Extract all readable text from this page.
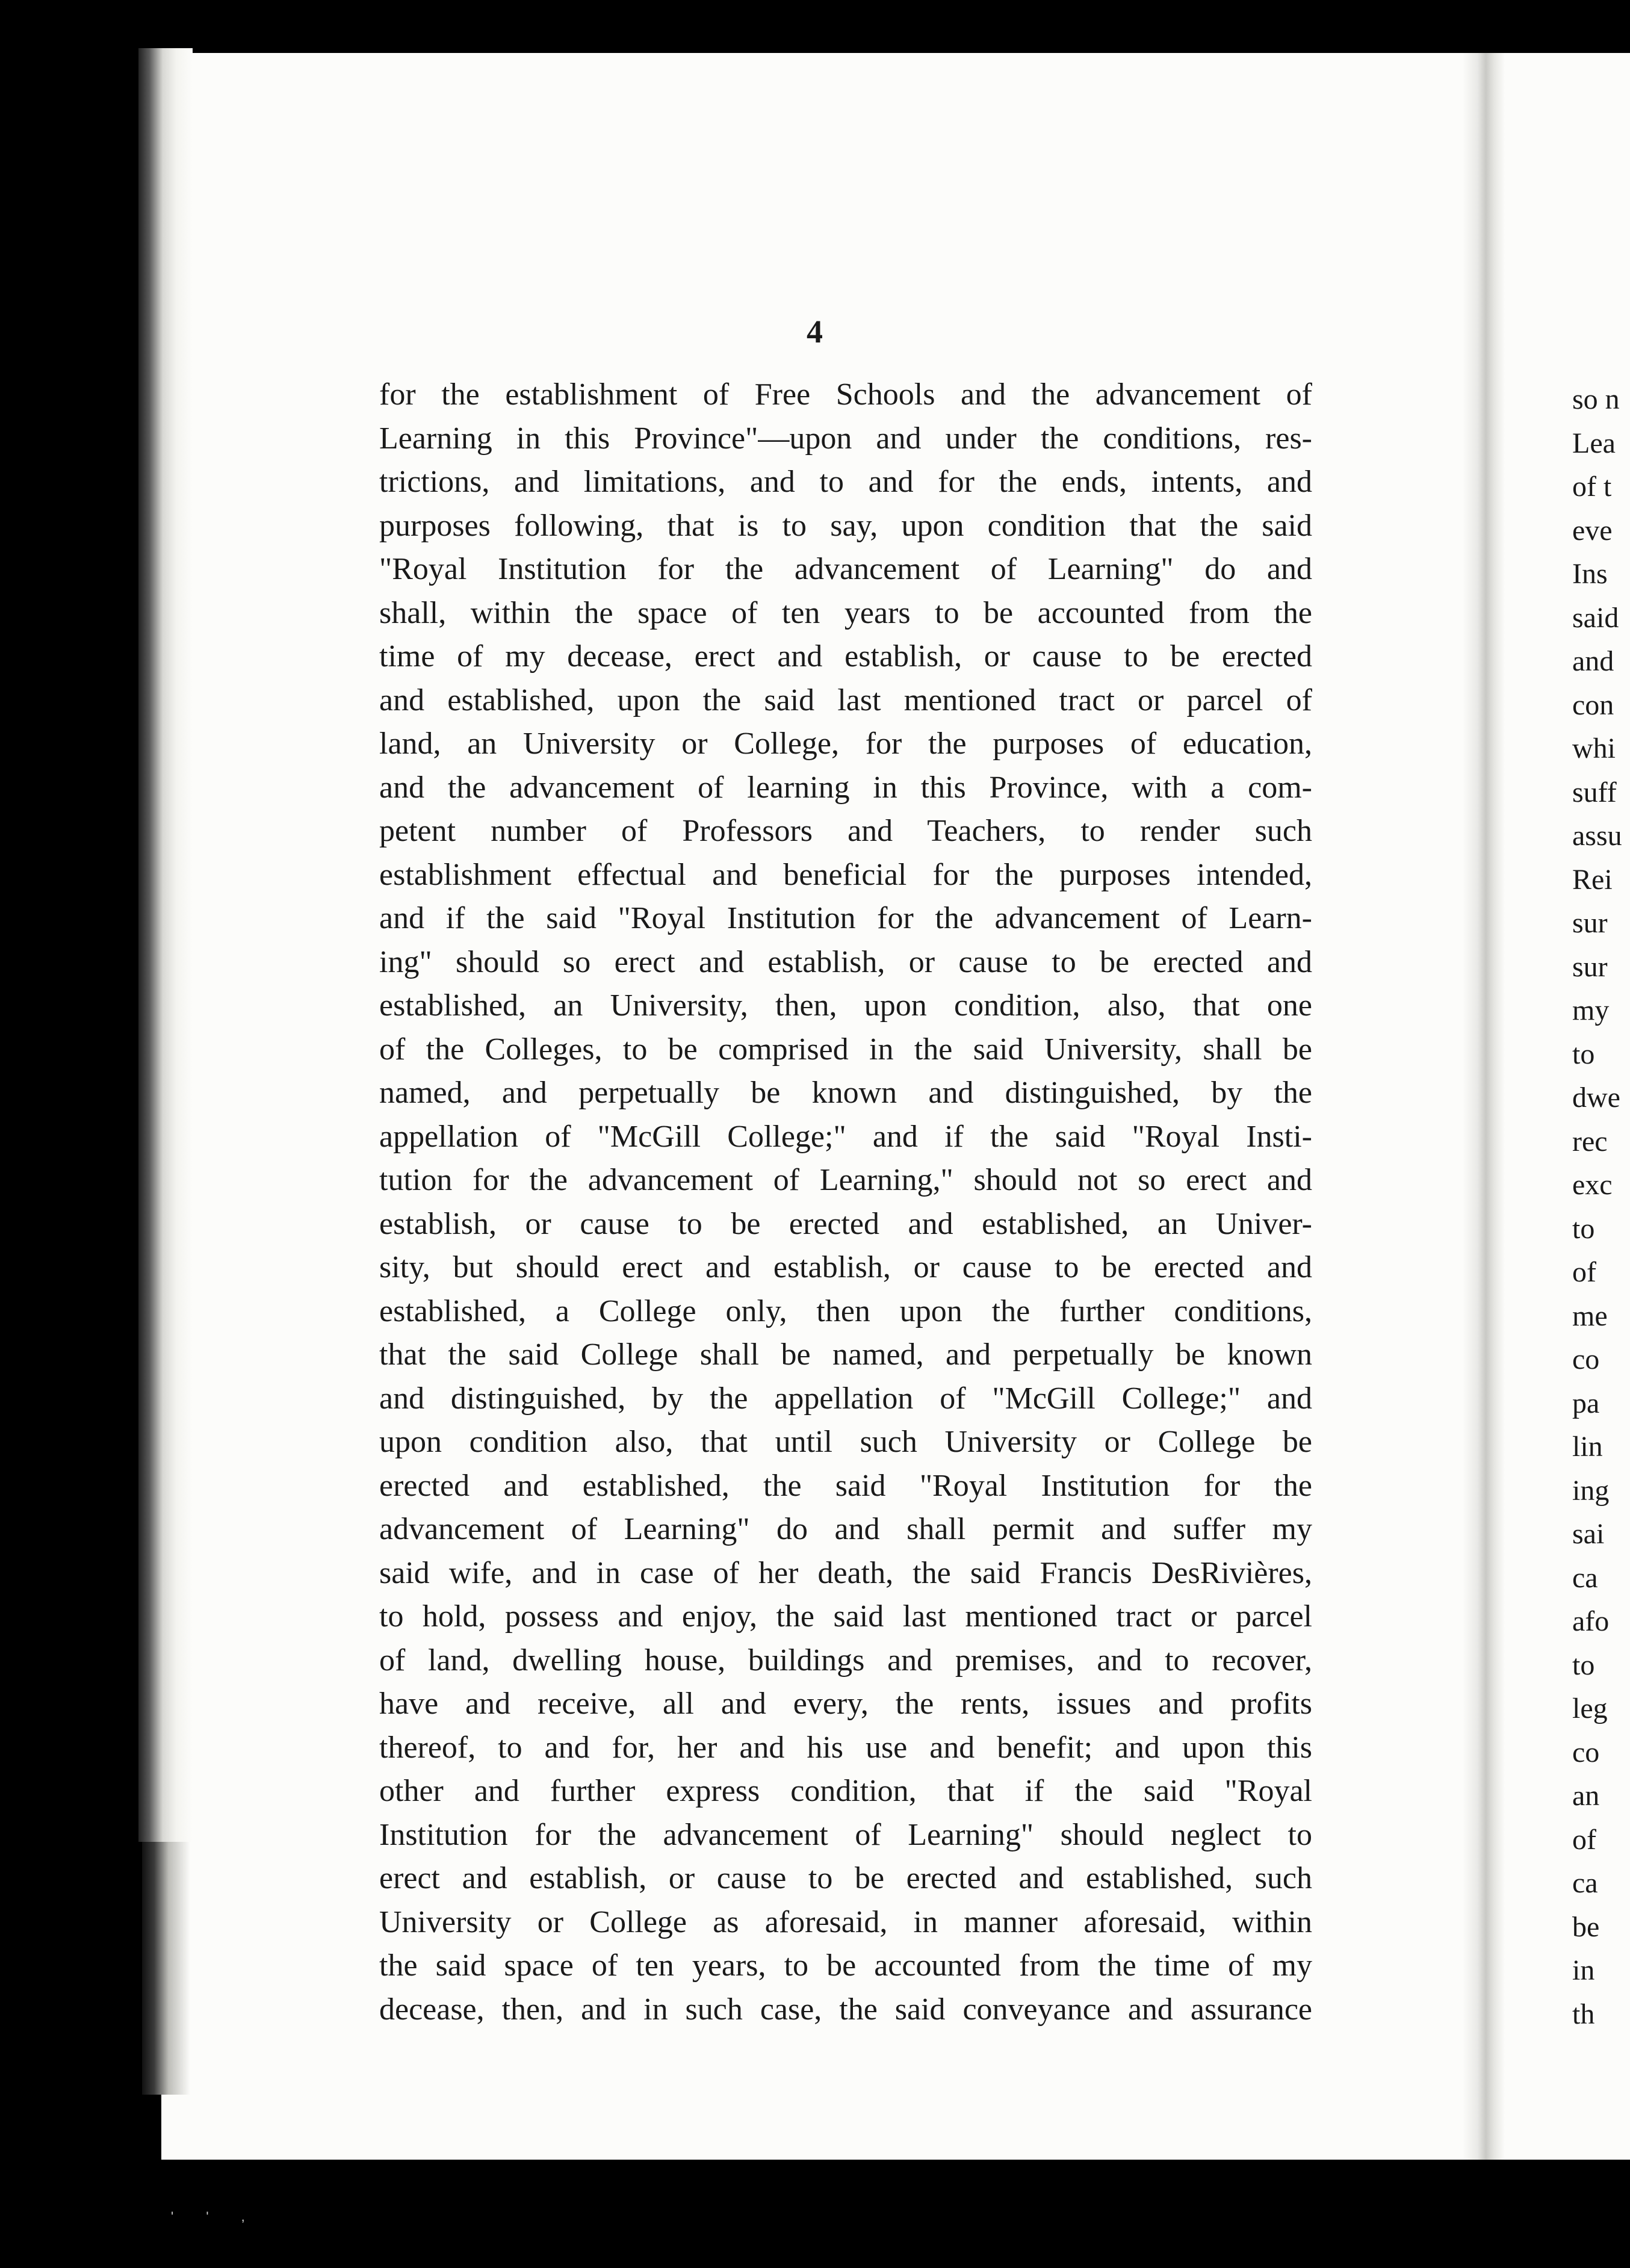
4
for the establishment of Free Schools and the advancement of
Learning in this Province"—upon and under the conditions, res-
trictions, and limitations, and to and for the ends, intents, and
purposes following, that is to say, upon condition that the said
"Royal Institution for the advancement of Learning" do and
shall, within the space of ten years to be accounted from the
time of my decease, erect and establish, or cause to be erected
and established, upon the said last mentioned tract or parcel of
land, an University or College, for the purposes of education,
and the advancement of learning in this Province, with a com-
petent number of Professors and Teachers, to render such
establishment effectual and beneficial for the purposes intended,
and if the said "Royal Institution for the advancement of Learn-
ing" should so erect and establish, or cause to be erected and
established, an University, then, upon condition, also, that one
of the Colleges, to be comprised in the said University, shall be
named, and perpetually be known and distinguished, by the
appellation of "McGill College;" and if the said "Royal Insti-
tution for the advancement of Learning," should not so erect and
establish, or cause to be erected and established, an Univer-
sity, but should erect and establish, or cause to be erected and
established, a College only, then upon the further conditions,
that the said College shall be named, and perpetually be known
and distinguished, by the appellation of "McGill College;" and
upon condition also, that until such University or College be
erected and established, the said "Royal Institution for the
advancement of Learning" do and shall permit and suffer my
said wife, and in case of her death, the said Francis DesRivières,
to hold, possess and enjoy, the said last mentioned tract or parcel
of land, dwelling house, buildings and premises, and to recover,
have and receive, all and every, the rents, issues and profits
thereof, to and for, her and his use and benefit; and upon this
other and further express condition, that if the said "Royal
Institution for the advancement of Learning" should neglect to
erect and establish, or cause to be erected and established, such
University or College as aforesaid, in manner aforesaid, within
the said space of ten years, to be accounted from the time of my
decease, then, and in such case, the said conveyance and assurance
so n
Lea
of t
eve
Ins
said
and
con
whi
suff
assu
Rei
sur
sur
my
to
dwe
rec
exc
to
of
me
co
pa
lin
ing
sai
ca
afo
to
leg
co
an
of
ca
be
in
th
' ' ,
